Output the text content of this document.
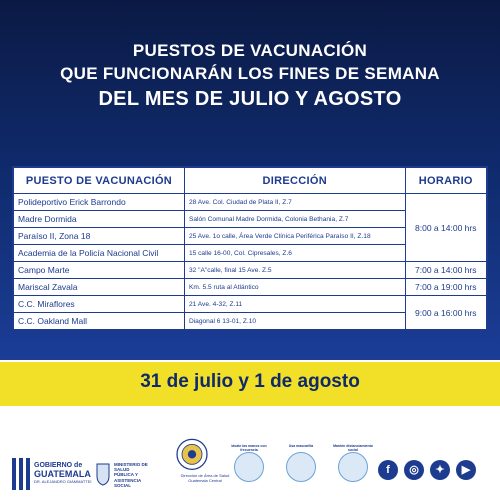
PUESTOS DE VACUNACIÓN
QUE FUNCIONARÁN LOS FINES DE SEMANA
DEL MES DE JULIO Y AGOSTO
PUESTO DE VACUNACIÓN	DIRECCIÓN	HORARIO
Polideportivo Erick Barrondo	28 Ave. Col. Ciudad de Plata II, Z.7	8:00 a 14:00 hrs
Madre Dormida	Salón Comunal Madre Dormida, Colonia Bethania, Z.7	
Paraíso II, Zona 18	25 Ave. 1o calle, Área Verde Clínica Periférica Paraíso II, Z.18	
Academia de la Policía Nacional Civil	15 calle 16-00, Col. Cipresales, Z.6	
Campo Marte	32 "A"calle, final 15 Ave. Z.5	7:00 a 14:00 hrs
Mariscal Zavala	Km. 5.5 ruta al Atlántico	7:00 a 19:00 hrs
C.C. Miraflores	21 Ave. 4-32, Z.11	9:00 a 16:00 hrs
C.C. Oakland Mall	Diagonal 6 13-01, Z.10	
31 de julio y 1 de agosto
GOBIERNO de
GUATEMALA
DR. ALEJANDRO GIAMMATTEI
MINISTERIO DE SALUD PÚBLICA Y ASISTENCIA SOCIAL
Dirección de Área de Salud Guatemala Central
lávate las manos con frecuencia
Usa mascarilla	Mantén distanciamiento social
f	◎	✦	▶
